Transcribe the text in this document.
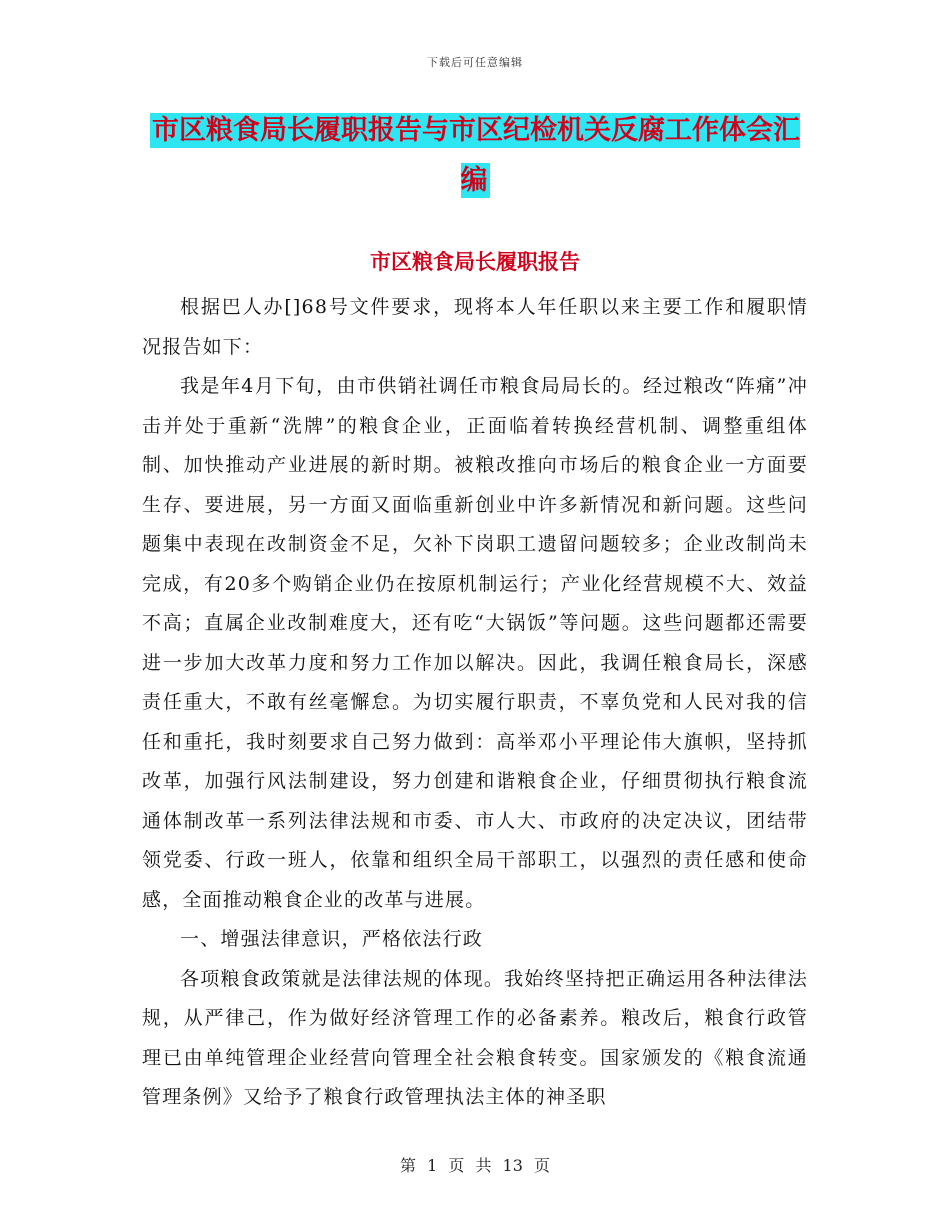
下载后可任意编辑
市区粮食局长履职报告与市区纪检机关反腐工作体会汇编
市区粮食局长履职报告

根据巴人办[]68号文件要求，现将本人年任职以来主要工作和履职情况报告如下：

我是年4月下旬，由市供销社调任市粮食局局长的。经过粮改“阵痛”冲击并处于重新“洗牌”的粮食企业，正面临着转换经营机制、调整重组体制、加快推动产业进展的新时期。被粮改推向市场后的粮食企业一方面要生存、要进展，另一方面又面临重新创业中许多新情况和新问题。这些问题集中表现在改制资金不足，欠补下岗职工遗留问题较多；企业改制尚未完成，有20多个购销企业仍在按原机制运行；产业化经营规模不大、效益不高；直属企业改制难度大，还有吃“大锅饭”等问题。这些问题都还需要进一步加大改革力度和努力工作加以解决。因此，我调任粮食局长，深感责任重大，不敢有丝毫懈怠。为切实履行职责，不辜负党和人民对我的信任和重托，我时刻要求自己努力做到：高举邓小平理论伟大旗帜，坚持抓改革，加强行风法制建设，努力创建和谐粮食企业，仔细贯彻执行粮食流通体制改革一系列法律法规和市委、市人大、市政府的决定决议，团结带领党委、行政一班人，依靠和组织全局干部职工，以强烈的责任感和使命感，全面推动粮食企业的改革与进展。

一、增强法律意识，严格依法行政

各项粮食政策就是法律法规的体现。我始终坚持把正确运用各种法律法规，从严律己，作为做好经济管理工作的必备素养。粮改后，粮食行政管理已由单纯管理企业经营向管理全社会粮食转变。国家颁发的《粮食流通管理条例》又给予了粮食行政管理执法主体的神圣职

第 1 页 共 13 页
